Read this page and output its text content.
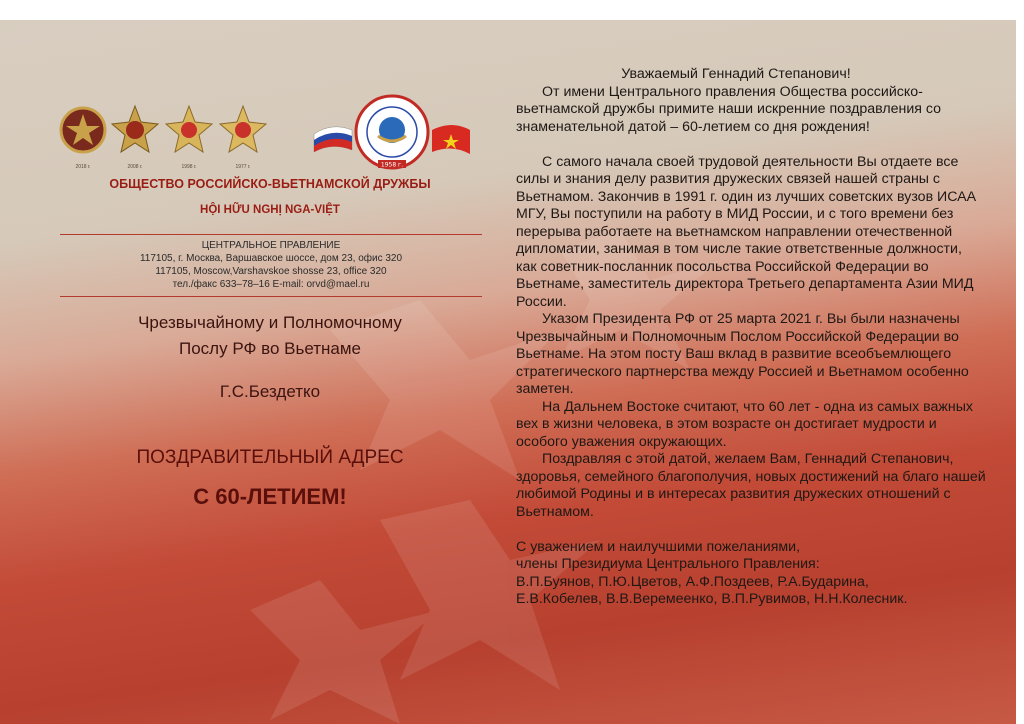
2018 г.	2008 г.	1998 г.	1977 г.	1958 г.
ОБЩЕСТВО РОССИЙСКО-ВЬЕТНАМСКОЙ ДРУЖБЫ
HỘI HỮU NGHỊ NGA-VIỆT
ЦЕНТРАЛЬНОЕ ПРАВЛЕНИЕ
117105, г. Москва, Варшавское шоссе, дом 23, офис 320
117105, Moscow,Varshavskoe shosse 23, office 320
тел./факс 633–78–16 E-mail: orvd@mael.ru
Чрезвычайному и Полномочному
Послу РФ во Вьетнаме
Г.С.Бездетко
ПОЗДРАВИТЕЛЬНЫЙ АДРЕС
С 60-ЛЕТИЕМ!

Уважаемый Геннадий Степанович!

От имени Центрального правления Общества российско-вьетнамской дружбы примите наши искренние поздравления со знаменательной датой – 60-летием со дня рождения!

С самого начала своей трудовой деятельности Вы отдаете все силы и знания делу развития дружеских связей нашей страны с Вьетнамом. Закончив в 1991 г. один из лучших советских вузов ИСАА МГУ, Вы поступили на работу в МИД России, и с того времени без перерыва работаете на вьетнамском направлении отечественной дипломатии, занимая в том числе такие ответственные должности, как советник-посланник посольства Российской Федерации во Вьетнаме, заместитель директора Третьего департамента Азии МИД России.

Указом Президента РФ от 25 марта 2021 г. Вы были назначены Чрезвычайным и Полномочным Послом Российской Федерации во Вьетнаме. На этом посту Ваш вклад в развитие всеобъемлющего

стратегического партнерства между Россией и Вьетнамом особенно заметен.

На Дальнем Востоке считают, что 60 лет - одна из самых важных вех в жизни человека, в этом возрасте он достигает мудрости и особого уважения окружающих.

Поздравляя с этой датой, желаем Вам, Геннадий Степанович, здоровья, семейного благополучия, новых достижений на благо нашей любимой Родины и в интересах развития дружеских отношений с Вьетнамом.

С уважением и наилучшими пожеланиями,

члены Президиума Центрального Правления:

В.П.Буянов, П.Ю.Цветов, А.Ф.Поздеев, Р.А.Бударина,

Е.В.Кобелев, В.В.Веремеенко, В.П.Рувимов, Н.Н.Колесник.
